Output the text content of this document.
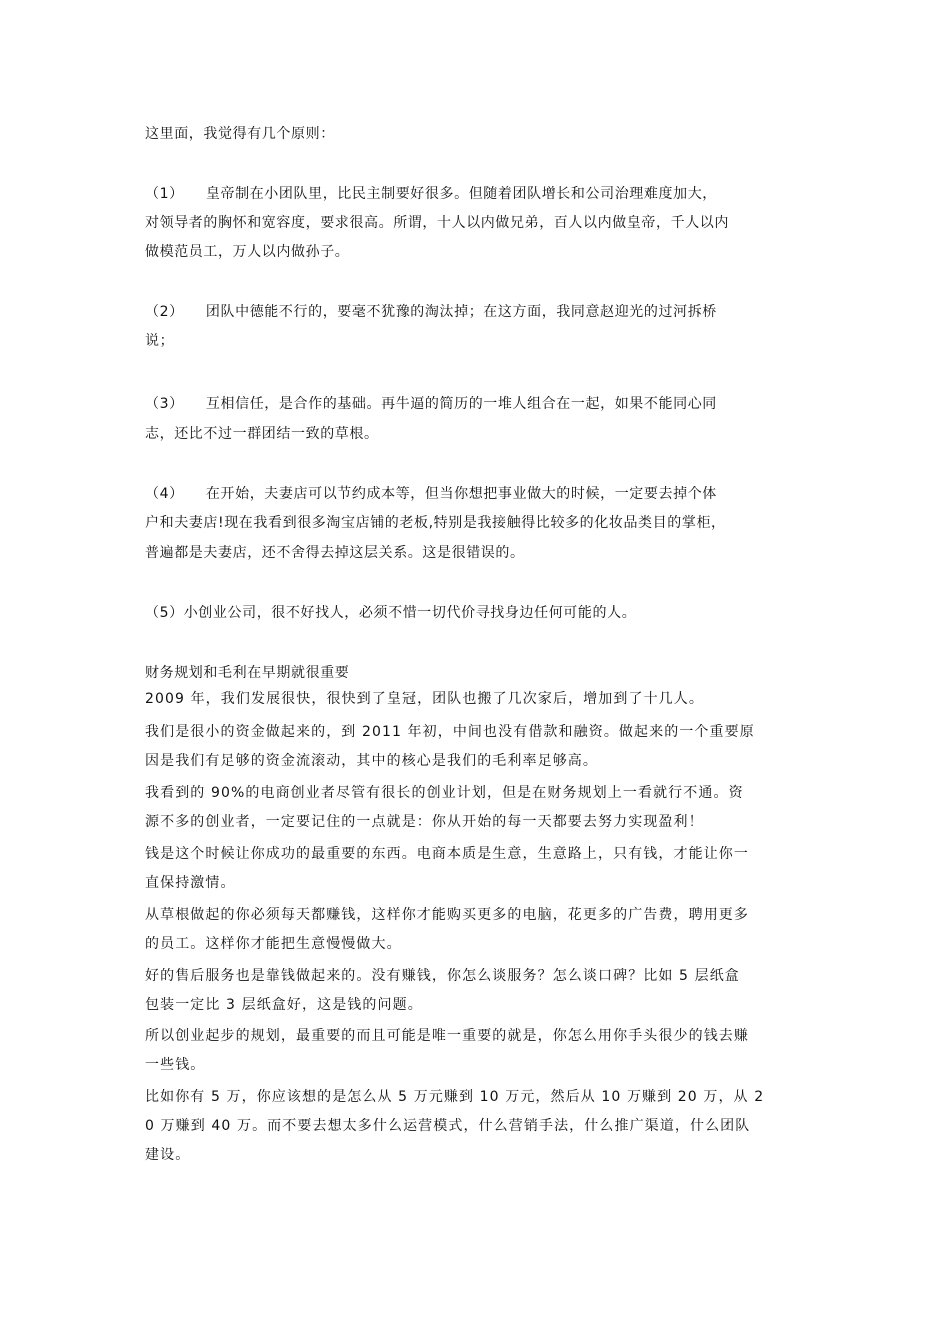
这里面，我觉得有几个原则：
（1）　　皇帝制在小团队里，比民主制要好很多。但随着团队增长和公司治理难度加大，
对领导者的胸怀和宽容度，要求很高。所谓，十人以内做兄弟，百人以内做皇帝，千人以内
做模范员工，万人以内做孙子。
（2）　　团队中德能不行的，要毫不犹豫的淘汰掉；在这方面，我同意赵迎光的过河拆桥
说；
（3）　　互相信任，是合作的基础。再牛逼的简历的一堆人组合在一起，如果不能同心同
志，还比不过一群团结一致的草根。
（4）　　在开始，夫妻店可以节约成本等，但当你想把事业做大的时候，一定要去掉个体
户和夫妻店!现在我看到很多淘宝店铺的老板,特别是我接触得比较多的化妆品类目的掌柜，
普遍都是夫妻店，还不舍得去掉这层关系。这是很错误的。
（5）小创业公司，很不好找人，必须不惜一切代价寻找身边任何可能的人。
财务规划和毛利在早期就很重要
2009 年，我们发展很快，很快到了皇冠，团队也搬了几次家后，增加到了十几人。
我们是很小的资金做起来的，到 2011 年初，中间也没有借款和融资。做起来的一个重要原
因是我们有足够的资金流滚动，其中的核心是我们的毛利率足够高。
我看到的 90%的电商创业者尽管有很长的创业计划，但是在财务规划上一看就行不通。资
源不多的创业者，一定要记住的一点就是：你从开始的每一天都要去努力实现盈利！
钱是这个时候让你成功的最重要的东西。电商本质是生意，生意路上，只有钱，才能让你一
直保持激情。
从草根做起的你必须每天都赚钱，这样你才能购买更多的电脑，花更多的广告费，聘用更多
的员工。这样你才能把生意慢慢做大。
好的售后服务也是靠钱做起来的。没有赚钱，你怎么谈服务？怎么谈口碑？比如 5 层纸盒
包装一定比 3 层纸盒好，这是钱的问题。
所以创业起步的规划，最重要的而且可能是唯一重要的就是，你怎么用你手头很少的钱去赚
一些钱。
比如你有 5 万，你应该想的是怎么从 5 万元赚到 10 万元，然后从 10 万赚到 20 万，从 2
0 万赚到 40 万。而不要去想太多什么运营模式，什么营销手法，什么推广渠道，什么团队
建设。
